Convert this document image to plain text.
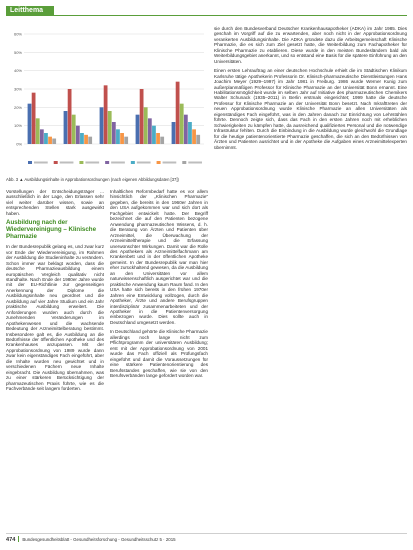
Leitthema
60%
50%
40%
30%
20%
10%
0%
Abb. 3 ▲ Ausbildungsinhalte in Approbationsordnungen (nach eigenen Abbildungsdaten [37])

Vorstellungen der Entscheidungsträger ... ausschließlich in der Lage, den Erlassen sehr viel weiter darüber wissen, sowie an entsprechenden Stellen stark ausgewirkt haben.

Ausbildung nach der Wiedervereinigung – Klinische Pharmazie

In der Bundesrepublik gelang es, und zwar kurz vor Ende der Wiedervereinigung, im Rahmen der Ausbildung die Studieninhalte zu verändern. Schon immer war beklagt worden, dass die deutsche Pharmazieausbildung einem europäischen Vergleich qualitativ nicht standhalte. Nach Ende der 1980er Jahre wurde mit der EU-Richtlinie zur gegenseitigen Anerkennung der Diplome die Ausbildungsinhalte neu geordnet und die Ausbildung auf vier Jahre Studium und ein Jahr praktische Ausbildung erweitert. Die Anforderungen wurden auch durch die zunehmenden Veränderungen im Apothekenwesen und die wachsende Bedeutung der Arzneimittelberatung bestimmt. Insbesondere galt es, die Ausbildung an die Bedürfnisse der öffentlichen Apotheke und des Krankenhauses anzupassen. Mit der Approbationsordnung von 1989 wurde dann zwar kein eigenständiges Fach eingeführt, aber die Inhalte wurden neu gewichtet und in verschiedenen Fächern neue Inhalte eingebracht. Die Ausbildung übernahmen, was zu einer stärkeren Berücksichtigung der pharmazeutischen Praxis führte, wie es die Fachverbände seit langem forderten.

Inhaltlichen Reformbedarf hatte es vor allem hinsichtlich der „Klinischen Pharmazie“ gegeben, die bereits in den 1960er Jahren in den USA aufgekommen war und sich dort als Fachgebiet entwickelt hatte. Der Begriff bezeichnet die auf den Patienten bezogene Anwendung pharmazeutischen Wissens, d. h. die Beratung von Ärzten und Patienten über Arzneimittel, die Überwachung der Arzneimitteltherapie und die Erfassung unerwünschter Wirkungen. Damit war die Rolle des Apothekers als Arzneimittelfachmann am Krankenbett und in der öffentlichen Apotheke gemeint. In der Bundesrepublik war man hier eher zurückhaltend gewesen, da die Ausbildung an den Universitäten vor allem naturwissenschaftlich ausgerichtet war und die praktische Anwendung kaum Raum fand. In den USA hatte sich bereits in den frühen 1970er Jahren eine Entwicklung vollzogen, durch die Apotheker, Ärzte und andere Berufsgruppen interdisziplinär zusammenarbeiteten und der Apotheker in die Patientenversorgung einbezogen wurde. Dies sollte auch in Deutschland umgesetzt werden.

In Deutschland gehörte die Klinische Pharmazie allerdings noch lange nicht zum Pflichtprogramm der universitären Ausbildung; erst mit der Approbationsordnung von 2001 wurde das Fach offiziell als Prüfungsfach eingeführt und damit die Voraussetzungen für eine stärkere Patientenorientierung des Berufsstandes geschaffen, wie sie von den Berufsverbänden lange gefordert worden war.

sie durch den Bundesverband Deutscher Krankenhausapotheker (ADKA) im Jahr 1985. Dies geschah im Vorgriff auf die zu erwartenden, aber noch nicht in der Approbationsordnung verankerten Ausbildungsinhalte. Die ADKA gründete dazu die Arbeitsgemeinschaft Klinische Pharmazie, die es sich zum Ziel gesetzt hatte, die Weiterbildung zum Fachapotheker für Klinische Pharmazie zu etablieren. Diese wurde in den meisten Bundesländern bald als Weiterbildungsgebiet anerkannt, und so entstand eine Basis für die spätere Einführung an den Universitäten.

Einen ersten Lehrauftrag an einer deutschen Hochschule erhielt die im Städtischen Klinikum Karlsruhe tätige Apothekerin Professorin Dr. Klinisch-pharmazeutische Dienstleistungen Hans Joachim Meyer (1929–1997) im Jahr 1981 in Freiburg. 1986 wurde Werner Kunig zum außerplanmäßigen Professor für Klinische Pharmazie an der Universität Bonn ernannt. Eine Habilitationsmöglichkeit wurde im selben Jahr auf Initiative des pharmazeutischen Chemikers Walter Schunack (1935–2011) in Berlin erstmals eingerichtet; 1999 hatte die deutsche Professur für Klinische Pharmazie an der Universität Bonn besetzt. Nach Inkrafttreten der neuen Approbationsordnung wurde Klinische Pharmazie an allen Universitäten als eigenständiges Fach eingeführt, was in den Jahren danach zur Einrichtung von Lehrstühlen führte. Dennoch zeigte sich, dass das Fach in den ersten Jahren noch mit erheblichen Schwierigkeiten zu kämpfen hatte, da ausreichend qualifiziertes Personal und die notwendige Infrastruktur fehlten. Durch die Einbindung in die Ausbildung wurde gleichwohl die Grundlage für die heutige patientenorientierte Pharmazie geschaffen, die sich an den Bedürfnissen von Ärzten und Patienten ausrichtet und in der Apotheke die Aufgaben eines Arzneimittelexperten übernimmt.

474 Bundesgesundheitsblatt - Gesundheitsforschung - Gesundheitsschutz 5 · 2015
